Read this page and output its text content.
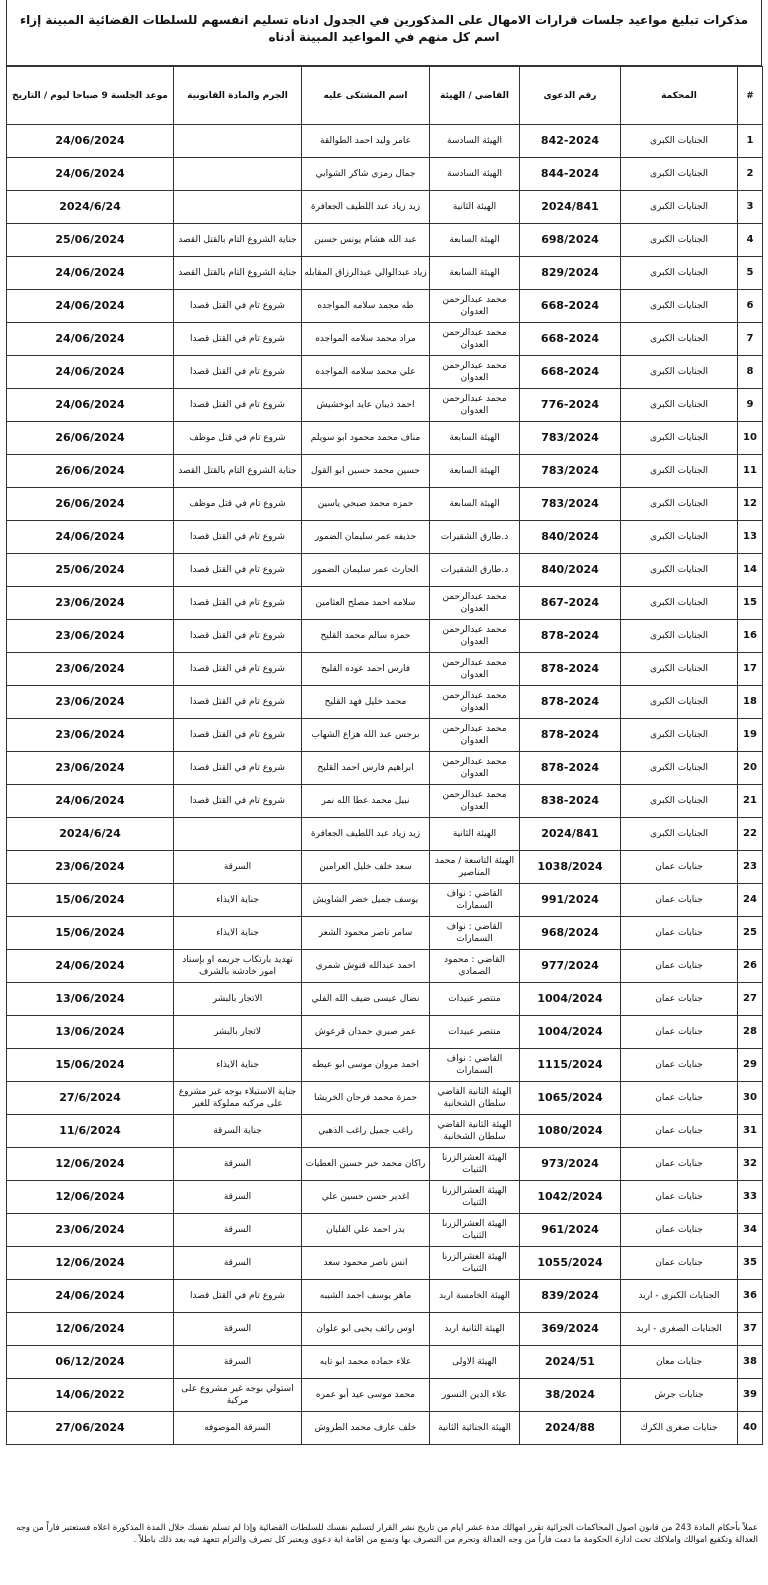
مذكرات تبليغ مواعيد جلسات قرارات الامهال على المذكورين في الجدول ادناه تسليم انفسهم للسلطات القضائية المبينة إزاء اسم كل منهم في المواعيد المبينة أدناه
#	المحكمة	رقم الدعوى	القاضي / الهيئة	اسم المشتكى عليه	الجرم والمادة القانونية	موعد الجلسة 9 صباحا ليوم / التاريخ
1	الجنايات الكبرى	842-2024	الهيئة السادسة	عامر وليد احمد الطوالقة		24/06/2024
2	الجنايات الكبرى	844-2024	الهيئة السادسة	جمال رمزي شاكر الشوابي		24/06/2024
3	الجنايات الكبرى	2024/841	الهيئة الثانية	زيد زياد عبد اللطيف الجعافرة		2024/6/24
4	الجنايات الكبرى	698/2024	الهيئة السابعة	عبد الله هشام يونس حسين	جناية الشروع التام بالقتل القصد	25/06/2024
5	الجنايات الكبرى	829/2024	الهيئة السابعة	زياد عبدالوالي عبدالرزاق المقابله	جناية الشروع التام بالقتل القصد	24/06/2024
6	الجنايات الكبرى	668-2024	محمد عبدالرحمن العدوان	طه محمد سلامه المواجده	شروع تام في القتل قصدا	24/06/2024
7	الجنايات الكبرى	668-2024	محمد عبدالرحمن العدوان	مراد محمد سلامه المواجده	شروع تام في القتل قصدا	24/06/2024
8	الجنايات الكبرى	668-2024	محمد عبدالرحمن العدوان	علي محمد سلامه المواجده	شروع تام في القتل قصدا	24/06/2024
9	الجنايات الكبرى	776-2024	محمد عبدالرحمن العدوان	احمد ذيبان عايد ابوخشيش	شروع تام في القتل قصدا	24/06/2024
10	الجنايات الكبرى	783/2024	الهيئة السابعة	مناف محمد محمود ابو سويلم	شروع تام في قتل موظف	26/06/2024
11	الجنايات الكبرى	783/2024	الهيئة السابعة	حسين محمد حسين ابو القول	جناية الشروع التام بالقتل القصد	26/06/2024
12	الجنايات الكبرى	783/2024	الهيئة السابعة	حمزه محمد صبحي ياسين	شروع تام في قتل موظف	26/06/2024
13	الجنايات الكبرى	840/2024	د.طارق الشقيرات	حذيفه عمر سليمان الضمور	شروع تام في القتل قصدا	24/06/2024
14	الجنايات الكبرى	840/2024	د.طارق الشقيرات	الحارث عمر سليمان الضمور	شروع تام في القتل قصدا	25/06/2024
15	الجنايات الكبرى	867-2024	محمد عبدالرحمن العدوان	سلامه احمد مصلح العثامين	شروع تام في القتل قصدا	23/06/2024
16	الجنايات الكبرى	878-2024	محمد عبدالرحمن العدوان	حمزه سالم محمد القليح	شروع تام في القتل قصدا	23/06/2024
17	الجنايات الكبرى	878-2024	محمد عبدالرحمن العدوان	فارس احمد عوده القليح	شروع تام في القتل قصدا	23/06/2024
18	الجنايات الكبرى	878-2024	محمد عبدالرحمن العدوان	محمد خليل فهد القليح	شروع تام في القتل قصدا	23/06/2024
19	الجنايات الكبرى	878-2024	محمد عبدالرحمن العدوان	برجس عبد الله هزاع الشهاب	شروع تام في القتل قصدا	23/06/2024
20	الجنايات الكبرى	878-2024	محمد عبدالرحمن العدوان	ابراهيم فارس احمد القليح	شروع تام في القتل قصدا	23/06/2024
21	الجنايات الكبرى	838-2024	محمد عبدالرحمن العدوان	نبيل محمد عطا الله نمر	شروع تام في القتل قصدا	24/06/2024
22	الجنايات الكبرى	2024/841	الهيئة الثانية	زيد زياد عبد اللطيف الجعافرة		2024/6/24
23	جنايات عمان	1038/2024	الهيئة التاسعة / محمد المناصير	سعد خلف خليل العرامين	السرقة	23/06/2024
24	جنايات عمان	991/2024	القاضي : نواف السمارات	يوسف جميل خضر الشاويش	جناية الايذاء	15/06/2024
25	جنايات عمان	968/2024	القاضي : نواف السمارات	سامر ناصر محمود الشعر	جناية الايذاء	15/06/2024
26	جنايات عمان	977/2024	القاضي : محمود الصمادي	احمد عبدالله قنوش شمري	تهديد بارتكاب جريمه او بإسناد امور خادشه بالشرف	24/06/2024
27	جنايات عمان	1004/2024	منتصر عبيدات	نضال عيسى ضيف الله الفلي	الاتجار بالبشر	13/06/2024
28	جنايات عمان	1004/2024	منتصر عبيدات	عمر صبري حمدان قرعوش	لاتجار بالبشر	13/06/2024
29	جنايات عمان	1115/2024	القاضي : نواف السمارات	احمد مروان موسى ابو عيطه	جناية الايذاء	15/06/2024
30	جنايات عمان	1065/2024	الهيئة الثانية القاضي سلطان الشخانبة	حمزة محمد فرحان الخريشا	جناية الاستيلاء بوجه غير مشروع على مركبه مملوكة للغير	27/6/2024
31	جنايات عمان	1080/2024	الهيئة الثانية القاضي سلطان الشخانبة	راغب جميل راغب الذهبي	جناية السرقة	11/6/2024
32	جنايات عمان	973/2024	الهيئة العشرالزرنا الثنيات	راكان محمد خير حسين العطيات	السرقة	12/06/2024
33	جنايات عمان	1042/2024	الهيئة العشرالزرنا الثنيات	اغدير حسن حسين علي	السرقة	12/06/2024
34	جنايات عمان	961/2024	الهيئة العشرالزرنا الثنيات	بدر احمد علي الفلبان	السرقة	23/06/2024
35	جنايات عمان	1055/2024	الهيئة العشرالزرنا الثنيات	انس ناصر محمود سعد	السرقة	12/06/2024
36	الجنايات الكبرى - اربد	839/2024	الهيئة الخامسة اربد	ماهر يوسف احمد الشيبه	شروع تام في القتل قصدا	24/06/2024
37	الجنايات الصغرى - اربد	369/2024	الهيئة الثانية اربد	اوس رائف يحيى ابو علوان	السرقة	12/06/2024
38	جنايات معان	2024/51	الهيئة الاولى	علاء حماده محمد ابو تايه	السرقة	06/12/2024
39	جنايات جرش	38/2024	علاء الدين النسور	محمد موسى عيد أبو عمره	استولي بوجه غير مشروع على مركبة	14/06/2022
40	جنايات صغرى الكرك	2024/88	الهيئة الجنائية الثانية	خلف عارف محمد الطروش	السرقة الموصوفه	27/06/2024
عملاً بأحكام المادة 243 من قانون اصول المحاكمات الجزائية تقرر امهالك مدة عشر ايام من تاريخ نشر القرار لتسليم نفسك للسلطات القضائية وإذا لم تسلم نفسك خلال المدة المذكورة اعلاه فستعتبر فاراً من وجه العدالة وتكفيع اموالك واملاكك تحت ادارة الحكومة ما دمت فاراً من وجه العدالة وتحرم من التصرف بها وتمنع من اقامة اية دعوى ويعتبر كل تصرف والتزام تتعهد فيه بعد ذلك باطلاً .
